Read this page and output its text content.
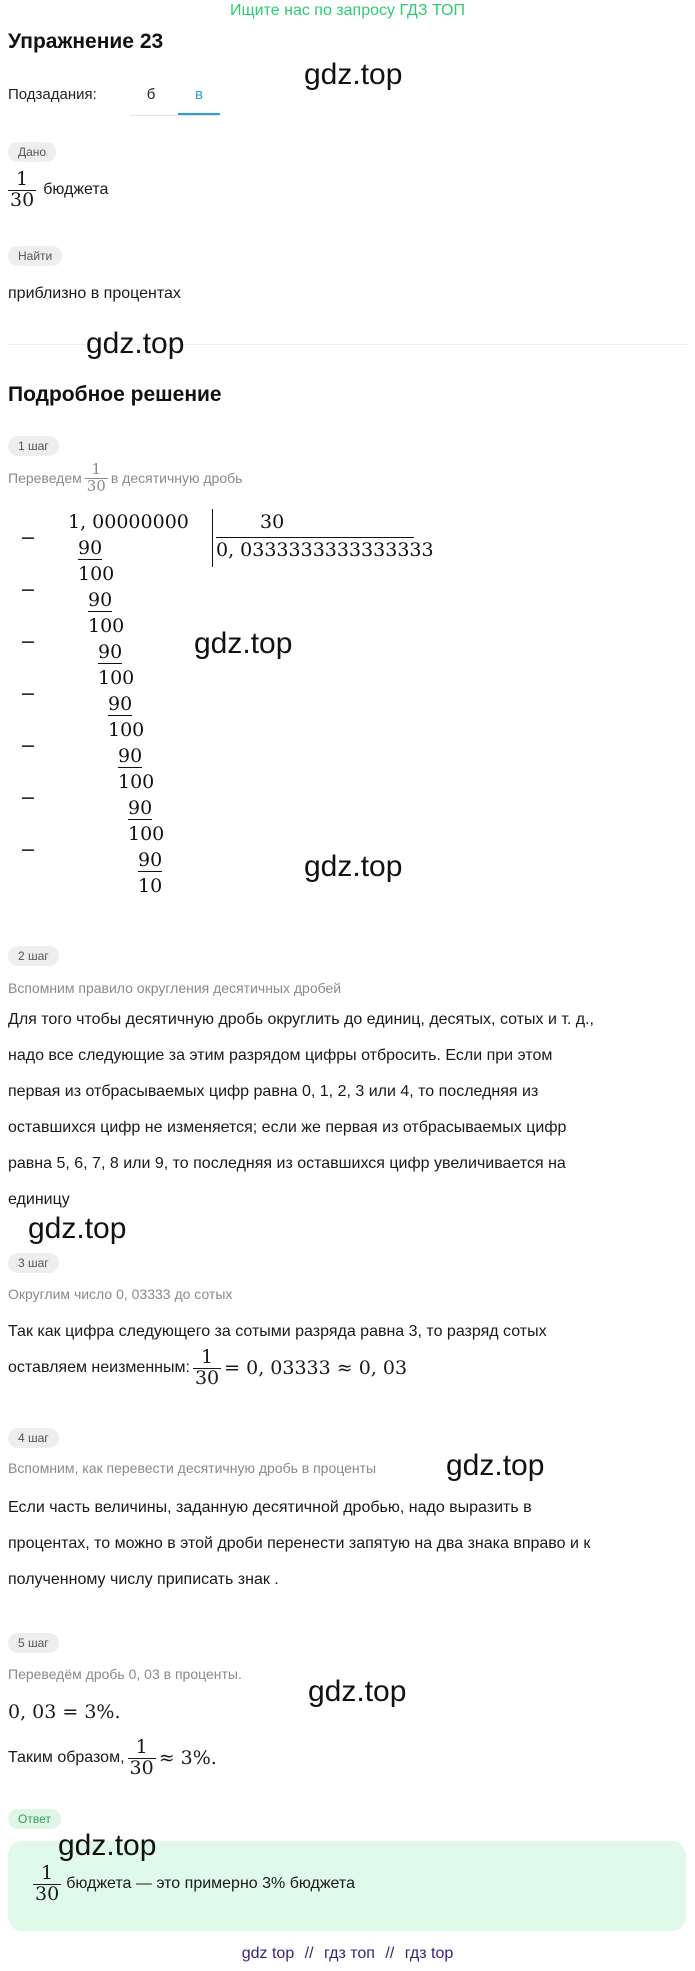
Ищите нас по запросу ГДЗ ТОП
Упражнение 23
Подзадания:	б	в
gdz.top
Дано
$\frac{1}{30}$ бюджета
Найти
приблизно в процентах
gdz.top
Подробное решение
1 шаг
Переведем $\frac{1}{30}$ в десятичную дробь
1, 00000000	30
0, 0333333333333333
− 90
100
−	90
100
−	90
100
−	90
100
−	90
100
−	90
100
−	90
10
gdz.top
gdz.top
2 шаг
Вспомним правило округления десятичных дробей
Для того чтобы десятичную дробь округлить до единиц, десятых, сотых и т. д.,
надо все следующие за этим разрядом цифры отбросить. Если при этом
первая из отбрасываемых цифр равна 0, 1, 2, 3 или 4, то последняя из
оставшихся цифр не изменяется; если же первая из отбрасываемых цифр
равна 5, 6, 7, 8 или 9, то последняя из оставшихся цифр увеличивается на
единицу
gdz.top
3 шаг
Округлим число 0, 03333 до сотых
Так как цифра следующего за сотыми разряда равна 3, то разряд сотых
оставляем неизменным: $\frac{1}{30} = 0$, 03333 ≈ 0, 03
4 шаг
Вспомним, как перевести десятичную дробь в проценты gdz.top
Если часть величины, заданную десятичной дробью, надо выразить в
процентах, то можно в этой дроби перенести запятую на два знака вправо и к
полученному числу приписать знак .
5 шаг
Переведём дробь 0, 03 в проценты.
gdz.top
0, 03 = 3%.
Таким образом, $\frac{1}{30} \approx 3\%$.
Ответ
gdz.top
$\frac{1}{30}$ бюджета — это примерно 3% бюджета
gdz top // гдз топ // гдз top
